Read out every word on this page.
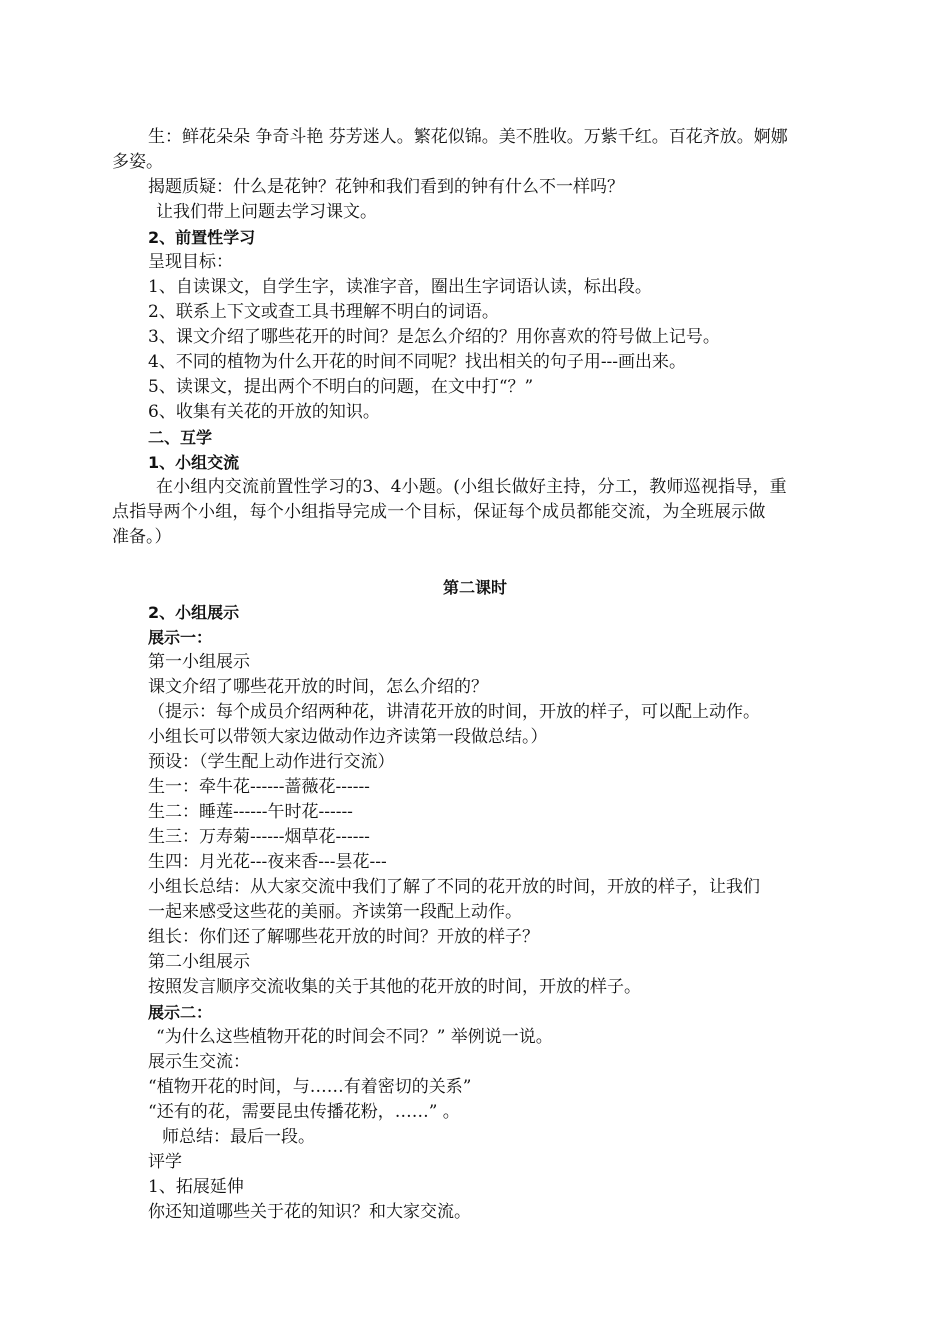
生：鲜花朵朵 争奇斗艳 芬芳迷人。繁花似锦。美不胜收。万紫千红。百花齐放。婀娜
多姿。
揭题质疑：什么是花钟？花钟和我们看到的钟有什么不一样吗？
让我们带上问题去学习课文。
2、前置性学习
呈现目标：
1、自读课文，自学生字，读准字音，圈出生字词语认读，标出段。
2、联系上下文或查工具书理解不明白的词语。
3、课文介绍了哪些花开的时间？是怎么介绍的？用你喜欢的符号做上记号。
4、不同的植物为什么开花的时间不同呢？找出相关的句子用---画出来。
5、读课文，提出两个不明白的问题，在文中打“？”
6、收集有关花的开放的知识。
二、互学
1、小组交流
在小组内交流前置性学习的3、4小题。(小组长做好主持，分工，教师巡视指导，重
点指导两个小组，每个小组指导完成一个目标，保证每个成员都能交流，为全班展示做
准备。）
第二课时
2、小组展示
展示一：
第一小组展示
课文介绍了哪些花开放的时间，怎么介绍的？
（提示：每个成员介绍两种花，讲清花开放的时间，开放的样子，可以配上动作。
小组长可以带领大家边做动作边齐读第一段做总结。）
预设：（学生配上动作进行交流）
生一：牵牛花------蔷薇花------
生二：睡莲------午时花------
生三：万寿菊------烟草花------
生四：月光花---夜来香---昙花---
小组长总结：从大家交流中我们了解了不同的花开放的时间，开放的样子，让我们
一起来感受这些花的美丽。齐读第一段配上动作。
组长：你们还了解哪些花开放的时间？开放的样子？
第二小组展示
按照发言顺序交流收集的关于其他的花开放的时间，开放的样子。
展示二：
“为什么这些植物开花的时间会不同？” 举例说一说。
展示生交流：
“植物开花的时间，与……有着密切的关系”
“还有的花，需要昆虫传播花粉，……” 。
师总结：最后一段。
评学
1、拓展延伸
你还知道哪些关于花的知识？和大家交流。
